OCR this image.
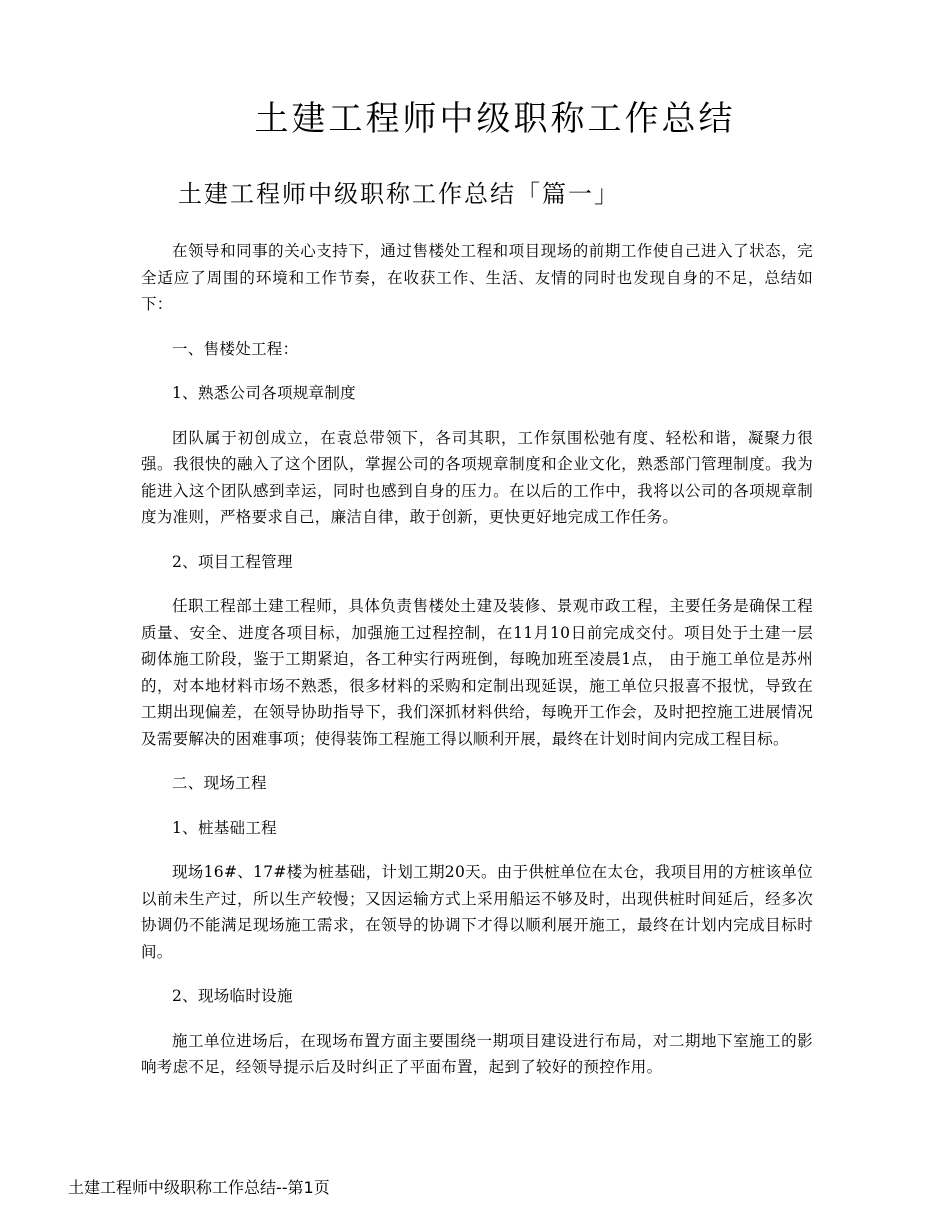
土建工程师中级职称工作总结
土建工程师中级职称工作总结「篇一」

在领导和同事的关心支持下，通过售楼处工程和项目现场的前期工作使自己进入了状态，完全适应了周围的环境和工作节奏，在收获工作、生活、友情的同时也发现自身的不足，总结如下：

一、售楼处工程：

1、熟悉公司各项规章制度

团队属于初创成立，在袁总带领下，各司其职，工作氛围松弛有度、轻松和谐，凝聚力很强。我很快的融入了这个团队，掌握公司的各项规章制度和企业文化，熟悉部门管理制度。我为能进入这个团队感到幸运，同时也感到自身的压力。在以后的工作中，我将以公司的各项规章制度为准则，严格要求自己，廉洁自律，敢于创新，更快更好地完成工作任务。

2、项目工程管理

任职工程部土建工程师，具体负责售楼处土建及装修、景观市政工程，主要任务是确保工程质量、安全、进度各项目标，加强施工过程控制，在11月10日前完成交付。项目处于土建一层砌体施工阶段，鉴于工期紧迫，各工种实行两班倒，每晚加班至凌晨1点， 由于施工单位是苏州的，对本地材料市场不熟悉，很多材料的采购和定制出现延误，施工单位只报喜不报忧，导致在工期出现偏差，在领导协助指导下，我们深抓材料供给，每晚开工作会，及时把控施工进展情况及需要解决的困难事项；使得装饰工程施工得以顺利开展，最终在计划时间内完成工程目标。

二、现场工程

1、桩基础工程

现场16#、17#楼为桩基础，计划工期20天。由于供桩单位在太仓，我项目用的方桩该单位以前未生产过，所以生产较慢；又因运输方式上采用船运不够及时，出现供桩时间延后，经多次协调仍不能满足现场施工需求，在领导的协调下才得以顺利展开施工，最终在计划内完成目标时间。

2、现场临时设施

施工单位进场后，在现场布置方面主要围绕一期项目建设进行布局，对二期地下室施工的影响考虑不足，经领导提示后及时纠正了平面布置，起到了较好的预控作用。

土建工程师中级职称工作总结--第1页
